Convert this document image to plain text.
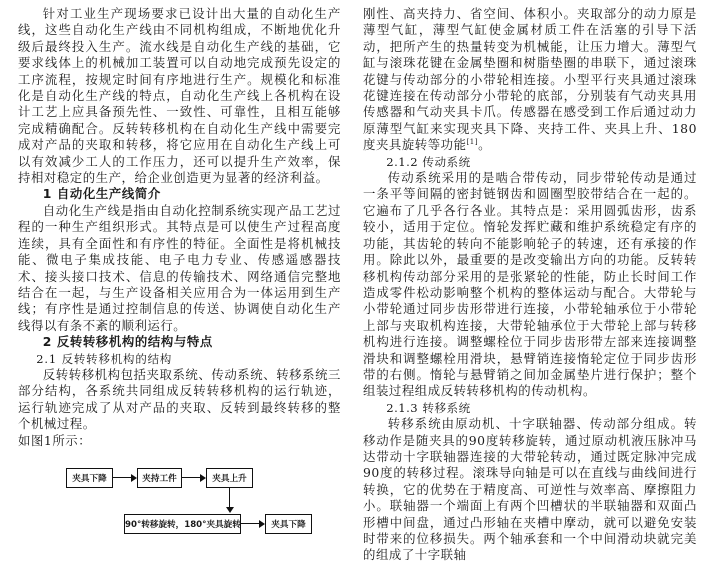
针对工业生产现场要求已设计出大量的自动化生产线，这些自动化生产线由不同机构组成，不断地优化升级后最终投入生产。流水线是自动化生产线的基础，它要求线体上的机械加工装置可以自动地完成预先设定的工序流程，按规定时间有序地进行生产。规模化和标准化是自动化生产线的特点，自动化生产线上各机构在设计工艺上应具备预先性、一致性、可靠性，且相互能够完成精确配合。反转转移机构在自动化生产线中需要完成对产品的夹取和转移，将它应用在自动化生产线上可以有效减少工人的工作压力，还可以提升生产效率，保持相对稳定的生产，给企业创造更为显著的经济利益。

1 自动化生产线简介

自动化生产线是指由自动化控制系统实现产品工艺过程的一种生产组织形式。其特点是可以使生产过程高度连续，具有全面性和有序性的特征。全面性是将机械技能、微电子集成技能、电子电力专业、传感遥感器技术、接头接口技术、信息的传输技术、网络通信完整地结合在一起，与生产设备相关应用合为一体运用到生产线；有序性是通过控制信息的传送、协调使自动化生产线得以有条不紊的顺利运行。

2 反转转移机构的结构与特点
2.1 反转转移机构的结构

反转转移机构包括夹取系统、传动系统、转移系统三部分结构，各系统共同组成反转转移机构的运行轨迹，运行轨迹完成了从对产品的夹取、反转到最终转移的整个机械过程。

如图1所示：

夹具下降	夹持工件	夹具上升
90°转移旋转，180°夹具旋转	夹具下降

刚性、高夹持力、省空间、体积小。夹取部分的动力原是薄型气缸，薄型气缸使金属材质工件在活塞的引导下活动，把所产生的热量转变为机械能，让压力增大。薄型气缸与滚珠花键在金属垫圈和树脂垫圈的串联下，通过滚珠花键与传动部分的小带轮相连接。小型平行夹具通过滚珠花键连接在传动部分小带轮的底部，分别装有气动夹具用传感器和气动夹具卡爪。传感器在感受到工作后通过动力原薄型气缸来实现夹具下降、夹持工件、夹具上升、180度夹具旋转等功能[1]。

2.1.2 传动系统

传动系统采用的是啮合带传动，同步带轮传动是通过一条平等间隔的密封链钢齿和圆圈型胶带结合在一起的。它遍布了几乎各行各业。其特点是：采用圆弧齿形，齿系较小，适用于定位。惰轮发挥贮藏和维护系统稳定有序的功能，其齿轮的转向不能影响轮子的转速，还有承接的作用。除此以外，最重要的是改变输出方向的功能。反转转移机构传动部分采用的是张紧轮的性能，防止长时间工作造成零件松动影响整个机构的整体运动与配合。大带轮与小带轮通过同步齿形带进行连接，小带轮轴承位于小带轮上部与夹取机构连接，大带轮轴承位于大带轮上部与转移机构进行连接。调整螺栓位于同步齿形带左部来连接调整滑块和调整螺栓用滑块，悬臂销连接惰轮定位于同步齿形带的右侧。惰轮与悬臂销之间加金属垫片进行保护；整个组装过程组成反转转移机构的传动机构。

2.1.3 转移系统

转移系统由原动机、十字联轴器、传动部分组成。转移动作是随夹具的90度转移旋转，通过原动机液压脉冲马达带动十字联轴器连接的大带轮转动，通过既定脉冲完成90度的转移过程。滚珠导向轴是可以在直线与曲线间进行转换，它的优势在于精度高、可逆性与效率高、摩擦阻力小。联轴器一个端面上有两个凹槽状的半联轴器和双面凸形槽中间盘，通过凸形轴在夹槽中摩动，就可以避免安装时带来的位移损失。两个轴承套和一个中间滑动块就完美的组成了十字联轴
